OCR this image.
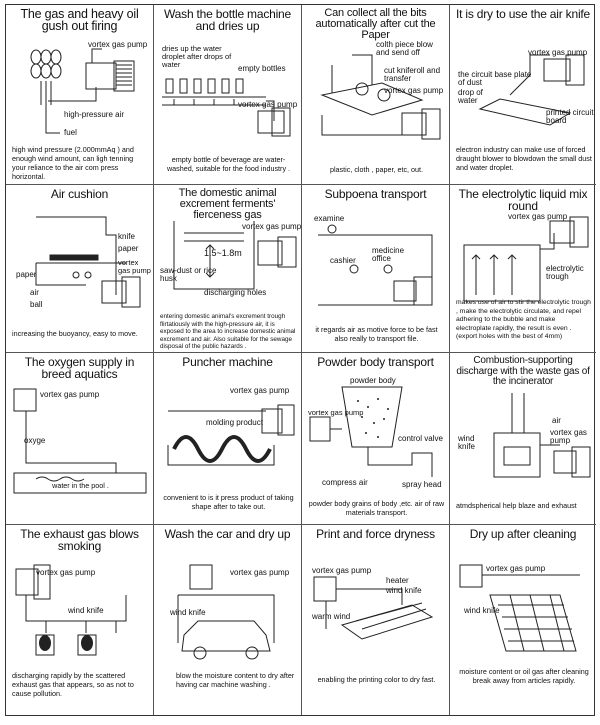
The gas and heavy oil gush out firing
vortex gas pump
high-pressure air
fuel
high wind pressure (2.000mmAq ) and enough wind amount, can ligh tenning your reliance to the air com press horizontal.
Wash the bottle machine and dries up
dries up the water droplet after drops of water	empty bottles
vortex gas pump
empty bottle of beverage are water-washed, suitable for the food industry .
Can collect all the bits automatically after cut the Paper
colth piece blow and send off
cut kniferoll and transfer
vortex gas pump
plastic, cloth , paper, etc, out.
It is dry to use the air knife
vortex gas pump
the circuit base plate of dust
drop of water
printed circuit board
electron industry can make use of forced draught blower to blowdown the small dust and water droplet.
Air cushion
knife
paper
vortex gas pump
paper
air
ball
increasing the buoyancy, easy to move.
The domestic animal excrement ferments' fierceness gas
vortex gas pump
1.5~1.8m
saw-dust or rice husk
discharging holes
entering domestic animal's excrement trough flirtatiously with the high-pressure air, it is exposed to the area to increase domestic animal excrement and air. Also suitable for the sewage disposal of the public hazards .
Subpoena transport
examine
cashier
medicine office
it regards air as motive force to be fast also really to transport file.
The electrolytic liquid mix round
vortex gas pump
electrolytic trough
makes use of air to stir the electrolytic trough , make the electrolytic circulate, and repel adhering to the bubble and make electroplate rapidly, the result is even . (export holes with the best of 4mm)
The oxygen supply in breed aquatics
vortex gas pump
oxyge
water in the pool .
Puncher machine
vortex gas pump
molding product
convenient to is it press product of taking shape after to take out.
Powder body transport
powder body
vortex gas pump
control valve
compress air	spray head
powder body grains of body ,etc. air of raw materials transport.
Combustion-supporting discharge with the waste gas of the incinerator
air
vortex gas pump
wind knife
atmdspherical help blaze and exhaust
The exhaust gas blows smoking
vortex gas pump
wind knife
discharging rapidly by the scattered exhaust gas that appears, so as not to cause pollution.
Wash the car and dry up
vortex gas pump
wind knife
blow the moisture content to dry after having car machine washing .
Print and force dryness
vortex gas pump
heater
wind knife
warm wind
enabling the printing color to dry fast.
Dry up after cleaning
vortex gas pump
wind knife
moisture content or oil gas after cleaning break away from articles rapidly.
